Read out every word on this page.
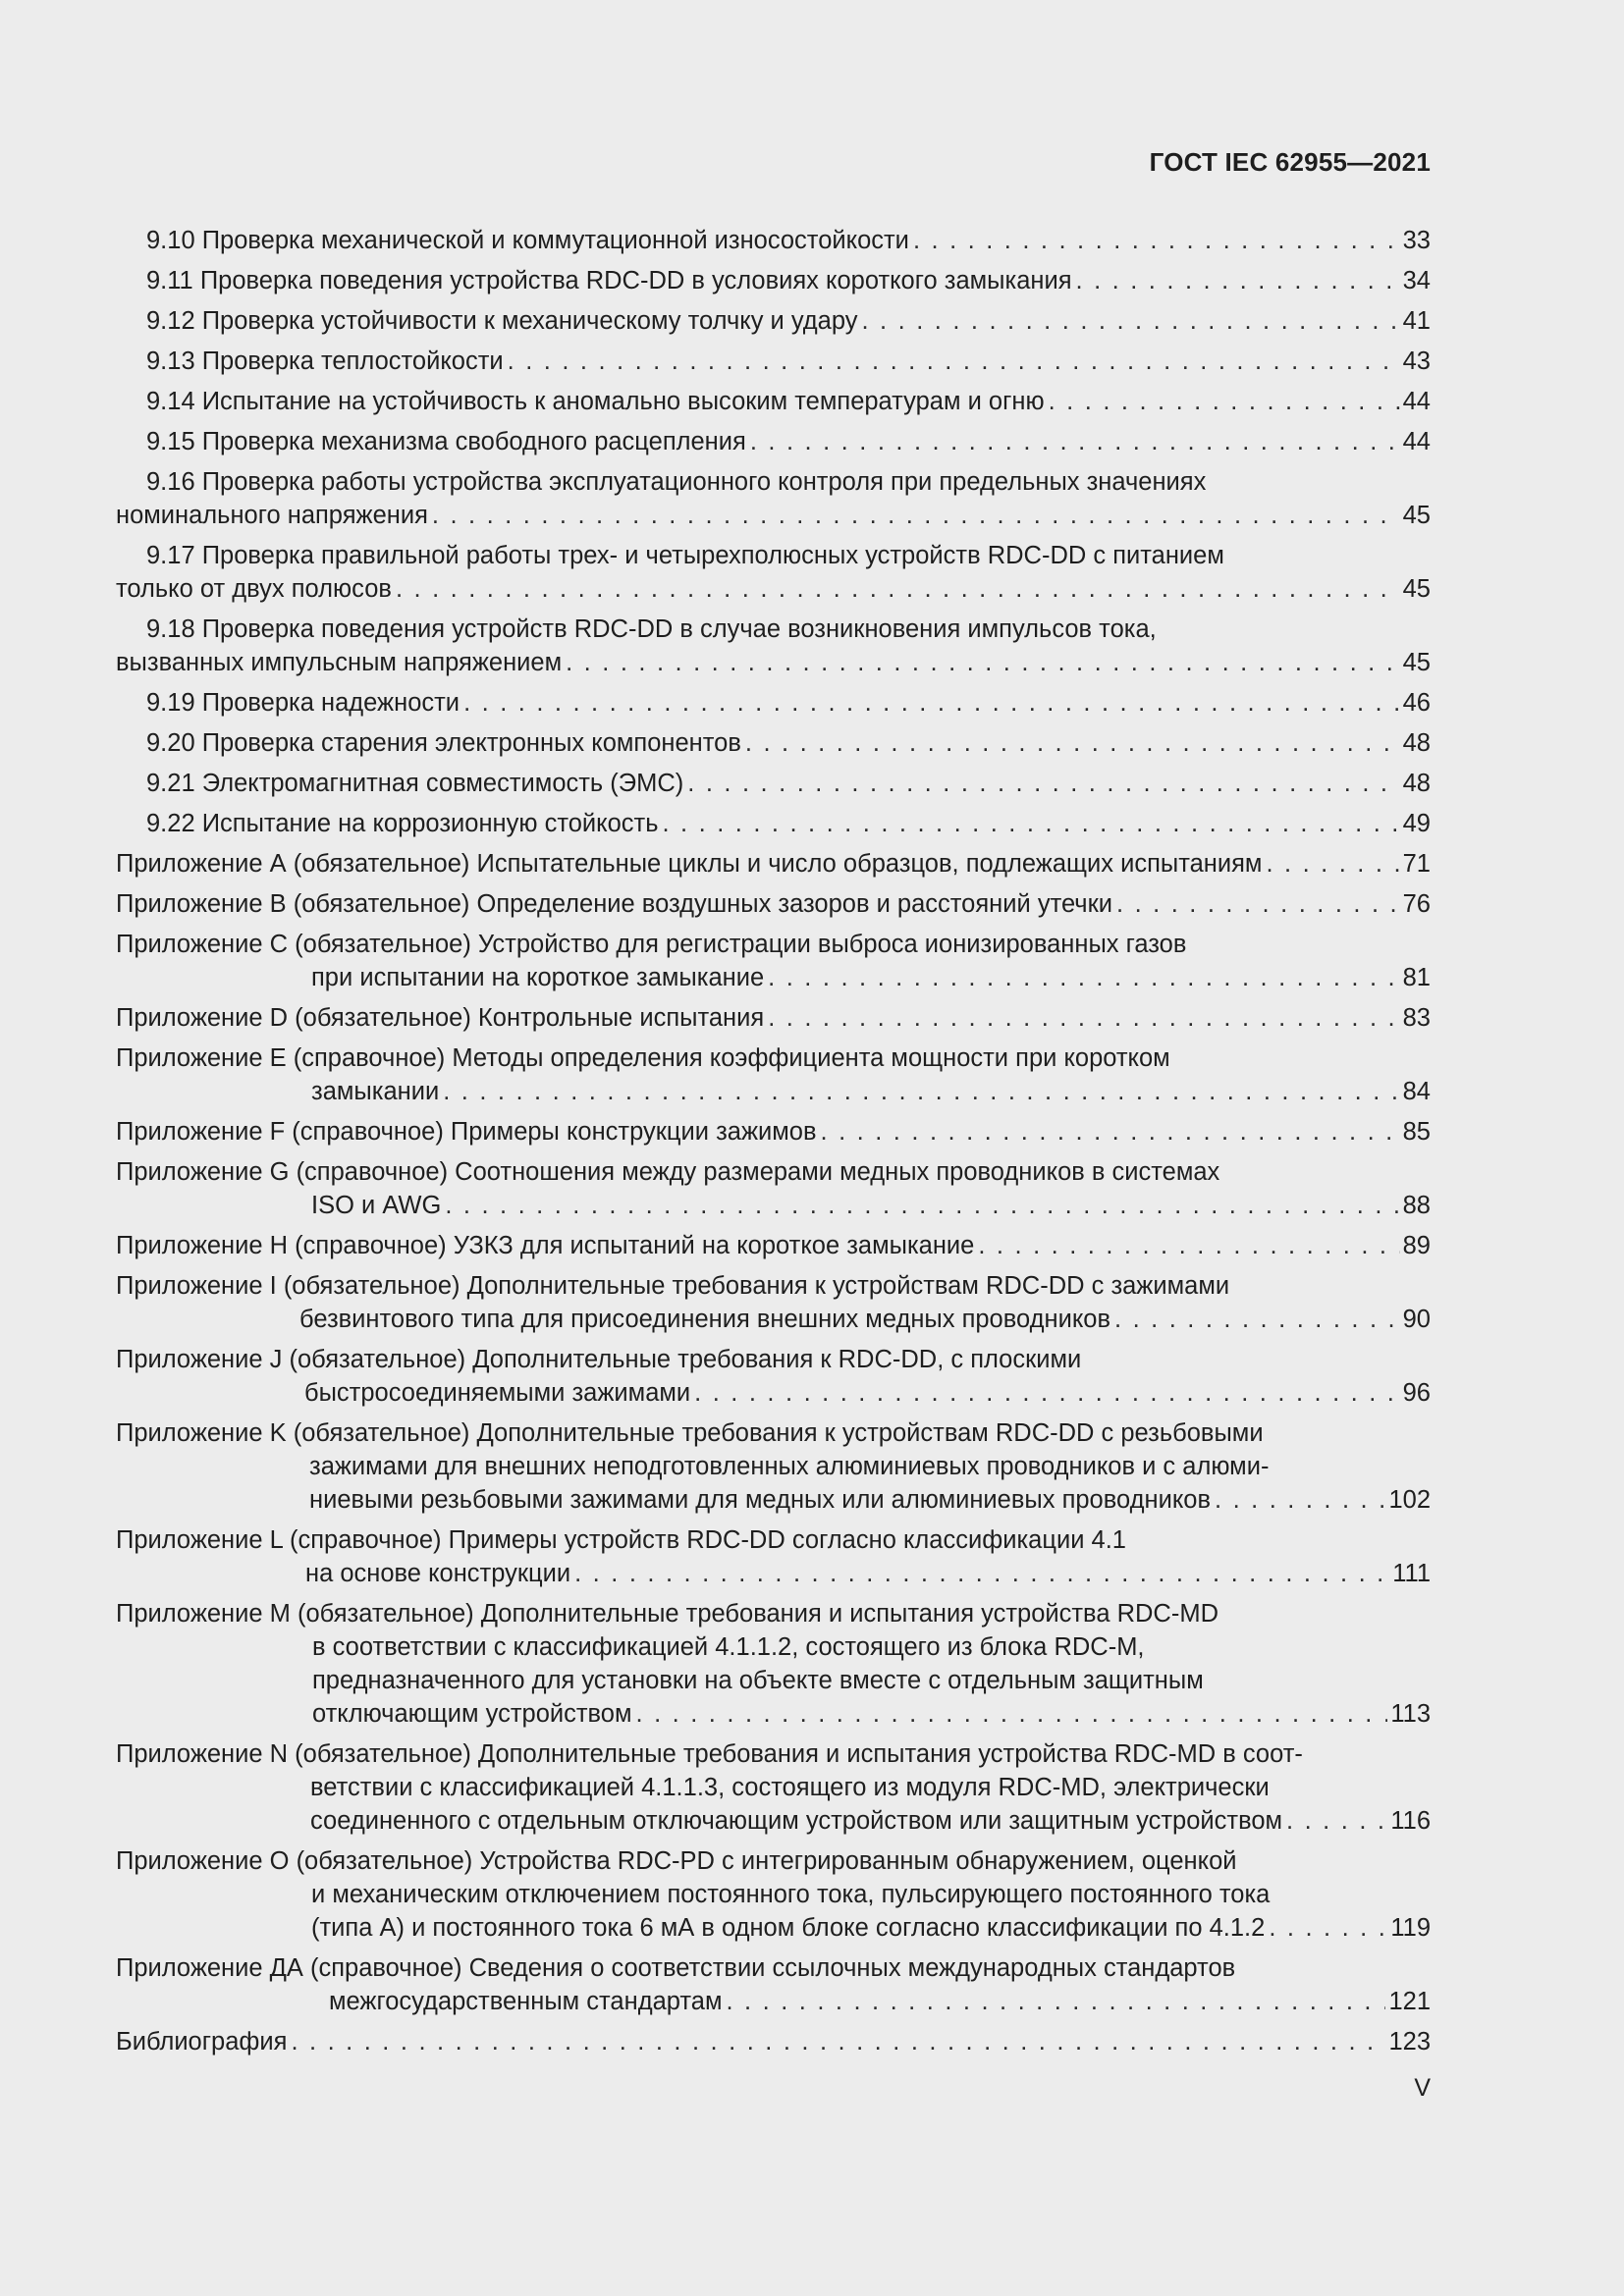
ГОСТ IEC 62955—2021
9.10 Проверка механической и коммутационной износостойкости . . .	33
9.11 Проверка поведения устройства RDC-DD в условиях короткого замыкания . . .	34
9.12 Проверка устойчивости к механическому толчку и удару . . .	41
9.13 Проверка теплостойкости . . .	43
9.14 Испытание на устойчивость к аномально высоким температурам и огню . . .	44
9.15 Проверка механизма свободного расцепления . . .	44
9.16 Проверка работы устройства эксплуатационного контроля при предельных значениях
номинального напряжения . . .	45
9.17 Проверка правильной работы трех- и четырехполюсных устройств RDC-DD с питанием
только от двух полюсов . . .	45
9.18 Проверка поведения устройств RDC-DD в случае возникновения импульсов тока,
вызванных импульсным напряжением . . .	45
9.19 Проверка надежности . . .	46
9.20 Проверка старения электронных компонентов . . .	48
9.21 Электромагнитная совместимость (ЭМС) . . .	48
9.22 Испытание на коррозионную стойкость . . .	49
Приложение А (обязательное) Испытательные циклы и число образцов, подлежащих испытаниям . . .	71
Приложение В (обязательное) Определение воздушных зазоров и расстояний утечки . . .	76
Приложение С (обязательное) Устройство для регистрации выброса ионизированных газов
при испытании на короткое замыкание . . .	81
Приложение D (обязательное) Контрольные испытания . . .	83
Приложение Е (справочное) Методы определения коэффициента мощности при коротком
замыкании . . .	84
Приложение F (справочное) Примеры конструкции зажимов . . .	85
Приложение G (справочное) Соотношения между размерами медных проводников в системах
ISO и AWG . . .	88
Приложение Н (справочное) УЗКЗ для испытаний на короткое замыкание . . .	89
Приложение I (обязательное) Дополнительные требования к устройствам RDC-DD с зажимами
безвинтового типа для присоединения внешних медных проводников . . .	90
Приложение J (обязательное) Дополнительные требования к RDC-DD, с плоскими
быстросоединяемыми зажимами . . .	96
Приложение K (обязательное) Дополнительные требования к устройствам RDC-DD с резьбовыми
зажимами для внешних неподготовленных алюминиевых проводников и с алюми-
ниевыми резьбовыми зажимами для медных или алюминиевых проводников . . .	102
Приложение L (справочное) Примеры устройств RDC-DD согласно классификации 4.1
на основе конструкции . . .	111
Приложение М (обязательное) Дополнительные требования и испытания устройства RDC-MD
в соответствии с классификацией 4.1.1.2, состоящего из блока RDC-M,
предназначенного для установки на объекте вместе с отдельным защитным
отключающим устройством . . .	113
Приложение N (обязательное) Дополнительные требования и испытания устройства RDC-MD в соот-
ветствии с классификацией 4.1.1.3, состоящего из модуля RDC-MD, электрически
соединенного с отдельным отключающим устройством или защитным устройством . . .	116
Приложение О (обязательное) Устройства RDC-PD с интегрированным обнаружением, оценкой
и механическим отключением постоянного тока, пульсирующего постоянного тока
(типа А) и постоянного тока 6 мА в одном блоке согласно классификации по 4.1.2 . . .	119
Приложение ДА (справочное) Сведения о соответствии ссылочных международных стандартов
межгосударственным стандартам . . .	121
Библиография . . .	123
V
